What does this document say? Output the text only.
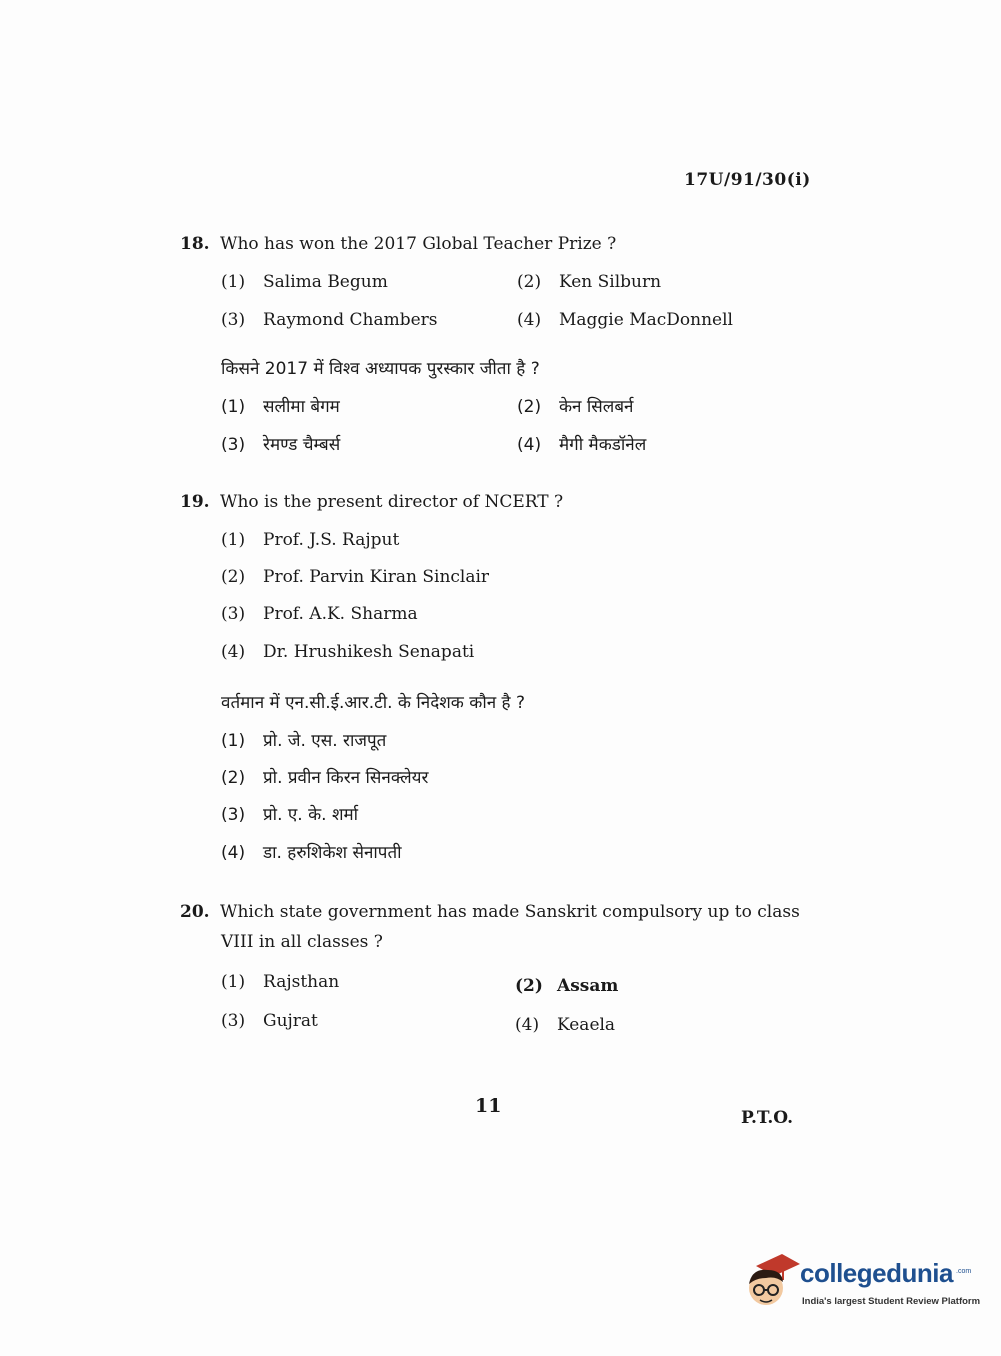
17U/91/30(i)
18. Who has won the 2017 Global Teacher Prize ?
(1) Salima Begum	(2) Ken Silburn
(3) Raymond Chambers	(4) Maggie MacDonnell
किसने 2017 में विश्व अध्यापक पुरस्कार जीता है ?
(1) सलीमा बेगम	(2) केन सिलबर्न
(3) रेमण्ड चैम्बर्स	(4) मैगी मैकडॉनेल
19. Who is the present director of NCERT ?
(1) Prof. J.S. Rajput
(2) Prof. Parvin Kiran Sinclair
(3) Prof. A.K. Sharma
(4) Dr. Hrushikesh Senapati
वर्तमान में एन.सी.ई.आर.टी. के निदेशक कौन है ?
(1) प्रो. जे. एस. राजपूत
(2) प्रो. प्रवीन किरन सिनक्लेयर
(3) प्रो. ए. के. शर्मा
(4) डा. हरुशिकेश सेनापती
20. Which state government has made Sanskrit compulsory up to class
VIII in all classes ?
(1) Rajsthan	(2) Assam
(3) Gujrat	(4) Keaela
11
P.T.O.
collegedunia .com
India's largest Student Review Platform
